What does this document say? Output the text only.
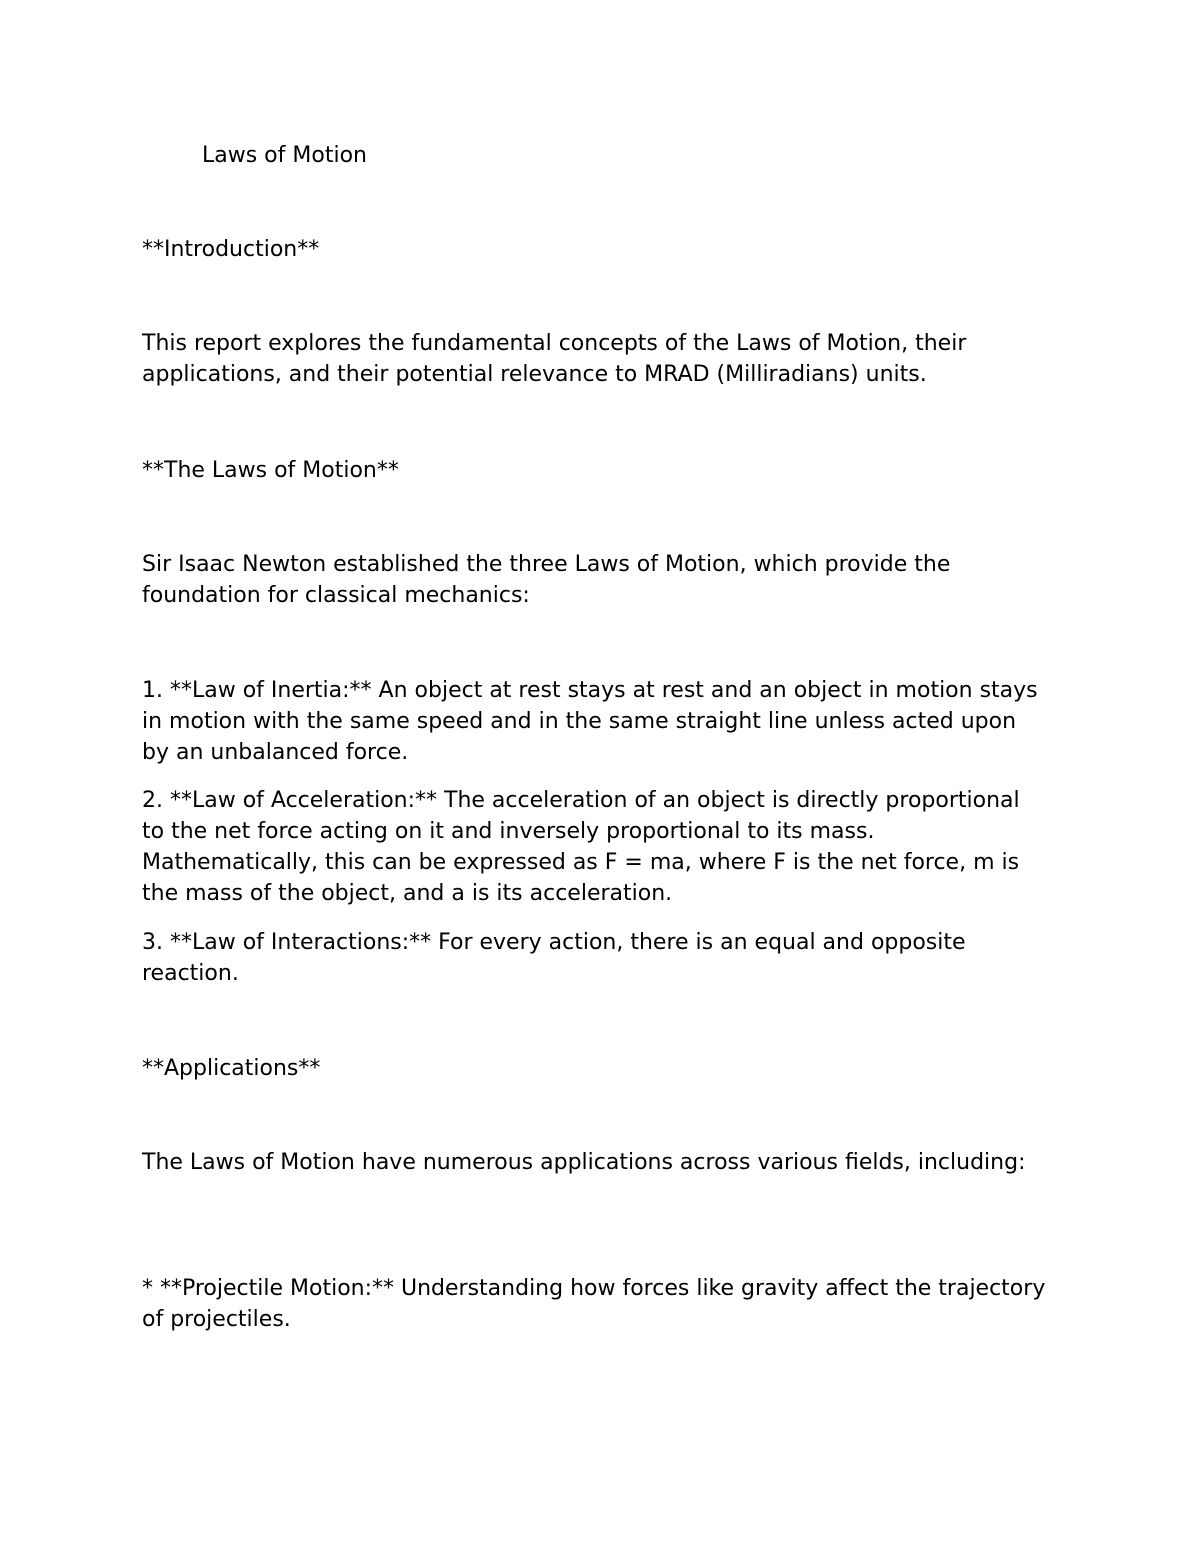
Laws of Motion

**Introduction**

This report explores the fundamental concepts of the Laws of Motion, their applications, and their potential relevance to MRAD (Milliradians) units.

**The Laws of Motion**

Sir Isaac Newton established the three Laws of Motion, which provide the foundation for classical mechanics:

1. **Law of Inertia:** An object at rest stays at rest and an object in motion stays in motion with the same speed and in the same straight line unless acted upon by an unbalanced force.

2. **Law of Acceleration:** The acceleration of an object is directly proportional to the net force acting on it and inversely proportional to its mass. Mathematically, this can be expressed as F = ma, where F is the net force, m is the mass of the object, and a is its acceleration.

3. **Law of Interactions:** For every action, there is an equal and opposite reaction.

**Applications**

The Laws of Motion have numerous applications across various fields, including:

* **Projectile Motion:** Understanding how forces like gravity affect the trajectory of projectiles.
